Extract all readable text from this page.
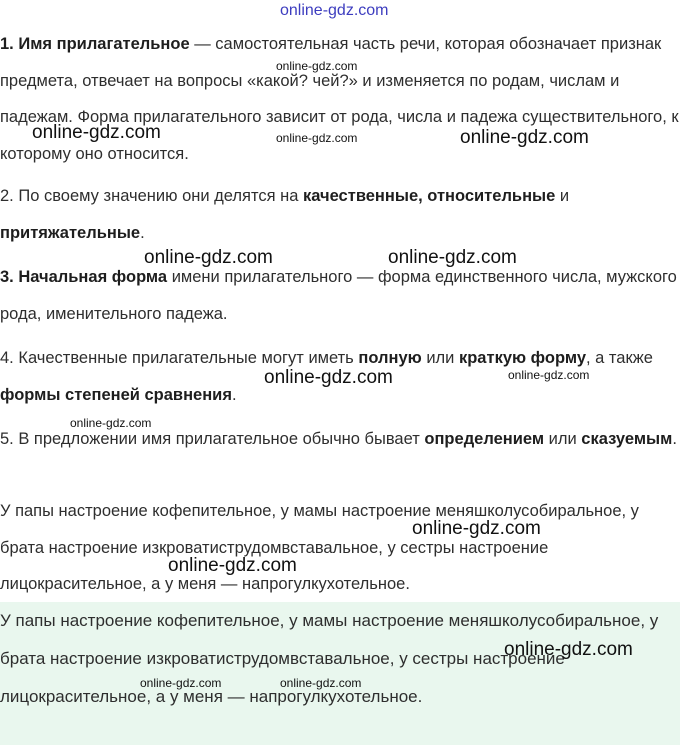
online-gdz.com

1. Имя прилагательное — самостоятельная часть речи, которая обозначает признак предмета, отвечает на вопросы «какой? чей?» и изменяется по родам, числам и падежам. Форма прилагательного зависит от рода, числа и падежа существительного, к которому оно относится.

2. По своему значению они делятся на качественные, относительные и притяжательные.

3. Начальная форма имени прилагательного — форма единственного числа, мужского рода, именительного падежа.

4. Качественные прилагательные могут иметь полную или краткую форму, а также формы степеней сравнения.

5. В предложении имя прилагательное обычно бывает определением или сказуемым.

У папы настроение кофепительное, у мамы настроение меняшколусобиральное, у брата настроение изкроватиструдомвставальное, у сестры настроение лицокрасительное, а у меня — напрогулкухотельное.

У папы настроение кофепительное, у мамы настроение меняшколусобиральное, у брата настроение изкроватиструдомвставальное, у сестры настроение лицокрасительное, а у меня — напрогулкухотельное.

online-gdz.com
online-gdz.com	online-gdz.com	online-gdz.com
online-gdz.com	online-gdz.com
online-gdz.com	online-gdz.com
online-gdz.com
online-gdz.com
online-gdz.com
online-gdz.com
online-gdz.com	online-gdz.com
